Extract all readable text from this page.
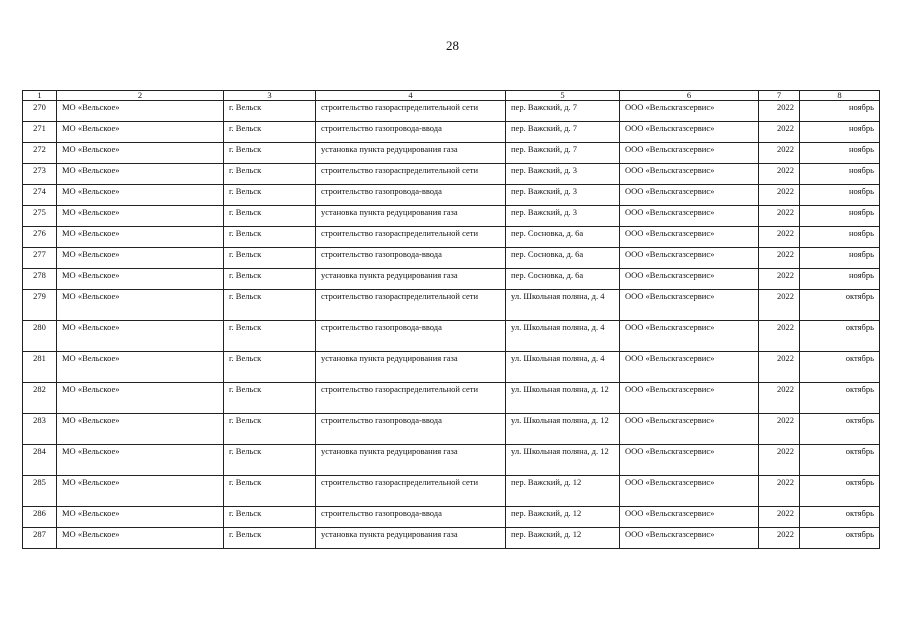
28
1	2	3	4	5	6	7	8
270	МО «Вельское»	г. Вельск	строительство газораспределительной сети	пер. Важский, д. 7	ООО «Вельскгазсервис»	2022	ноябрь
271	МО «Вельское»	г. Вельск	строительство газопровода-ввода	пер. Важский, д. 7	ООО «Вельскгазсервис»	2022	ноябрь
272	МО «Вельское»	г. Вельск	установка пункта редуцирования газа	пер. Важский, д. 7	ООО «Вельскгазсервис»	2022	ноябрь
273	МО «Вельское»	г. Вельск	строительство газораспределительной сети	пер. Важский, д. 3	ООО «Вельскгазсервис»	2022	ноябрь
274	МО «Вельское»	г. Вельск	строительство газопровода-ввода	пер. Важский, д. 3	ООО «Вельскгазсервис»	2022	ноябрь
275	МО «Вельское»	г. Вельск	установка пункта редуцирования газа	пер. Важский, д. 3	ООО «Вельскгазсервис»	2022	ноябрь
276	МО «Вельское»	г. Вельск	строительство газораспределительной сети	пер. Сосновка, д. 6а	ООО «Вельскгазсервис»	2022	ноябрь
277	МО «Вельское»	г. Вельск	строительство газопровода-ввода	пер. Сосновка, д. 6а	ООО «Вельскгазсервис»	2022	ноябрь
278	МО «Вельское»	г. Вельск	установка пункта редуцирования газа	пер. Сосновка, д. 6а	ООО «Вельскгазсервис»	2022	ноябрь
279	МО «Вельское»	г. Вельск	строительство газораспределительной сети	ул. Школьная поляна, д. 4	ООО «Вельскгазсервис»	2022	октябрь
280	МО «Вельское»	г. Вельск	строительство газопровода-ввода	ул. Школьная поляна, д. 4	ООО «Вельскгазсервис»	2022	октябрь
281	МО «Вельское»	г. Вельск	установка пункта редуцирования газа	ул. Школьная поляна, д. 4	ООО «Вельскгазсервис»	2022	октябрь
282	МО «Вельское»	г. Вельск	строительство газораспределительной сети	ул. Школьная поляна, д. 12	ООО «Вельскгазсервис»	2022	октябрь
283	МО «Вельское»	г. Вельск	строительство газопровода-ввода	ул. Школьная поляна, д. 12	ООО «Вельскгазсервис»	2022	октябрь
284	МО «Вельское»	г. Вельск	установка пункта редуцирования газа	ул. Школьная поляна, д. 12	ООО «Вельскгазсервис»	2022	октябрь
285	МО «Вельское»	г. Вельск	строительство газораспределительной сети	пер. Важский, д. 12	ООО «Вельскгазсервис»	2022	октябрь
286	МО «Вельское»	г. Вельск	строительство газопровода-ввода	пер. Важский, д. 12	ООО «Вельскгазсервис»	2022	октябрь
287	МО «Вельское»	г. Вельск	установка пункта редуцирования газа	пер. Важский, д. 12	ООО «Вельскгазсервис»	2022	октябрь
